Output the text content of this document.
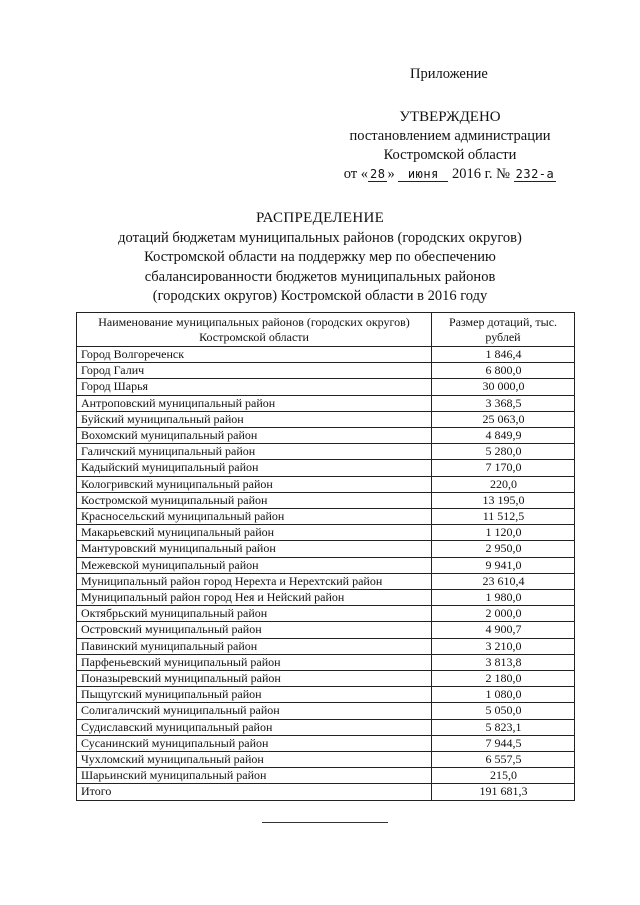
Приложение
УТВЕРЖДЕНО
постановлением администрации
Костромской области
от « 28 » июня 2016 г. № 232-а
РАСПРЕДЕЛЕНИЕ
дотаций бюджетам муниципальных районов (городских округов)
Костромской области на поддержку мер по обеспечению
сбалансированности бюджетов муниципальных районов
(городских округов) Костромской области в 2016 году
Наименование муниципальных районов (городских округов) Костромской области	Размер дотаций, тыс. рублей
Город Волгореченск	1 846,4
Город Галич	6 800,0
Город Шарья	30 000,0
Антроповский муниципальный район	3 368,5
Буйский муниципальный район	25 063,0
Вохомский муниципальный район	4 849,9
Галичский муниципальный район	5 280,0
Кадыйский муниципальный район	7 170,0
Кологривский муниципальный район	220,0
Костромской муниципальный район	13 195,0
Красносельский муниципальный район	11 512,5
Макарьевский муниципальный район	1 120,0
Мантуровский муниципальный район	2 950,0
Межевской муниципальный район	9 941,0
Муниципальный район город Нерехта и Нерехтский район	23 610,4
Муниципальный район город Нея и Нейский район	1 980,0
Октябрьский муниципальный район	2 000,0
Островский муниципальный район	4 900,7
Павинский муниципальный район	3 210,0
Парфеньевский муниципальный район	3 813,8
Поназыревский муниципальный район	2 180,0
Пыщугский муниципальный район	1 080,0
Солигаличский муниципальный район	5 050,0
Судиславский муниципальный район	5 823,1
Сусанинский муниципальный район	7 944,5
Чухломский муниципальный район	6 557,5
Шарьинский муниципальный район	215,0
Итого	191 681,3
